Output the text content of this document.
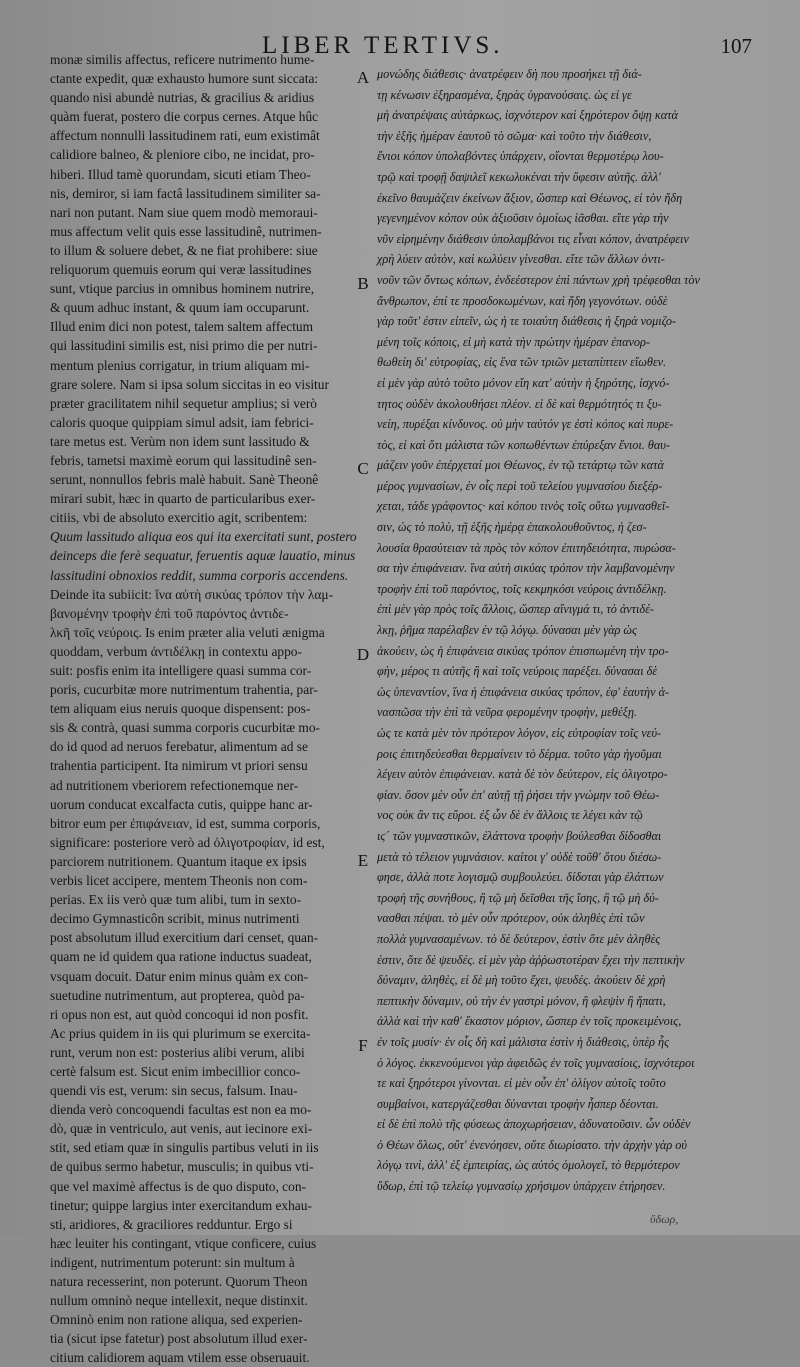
LIBER TERTIVS.	107
monæ similis affectus, reficere nutrimento hume-
ctante expedit, quæ exhausto humore sunt siccata:
quando nisi abundè nutrias, & gracilius & aridius
quàm fuerat, postero die corpus cernes. Atque hûc
affectum nonnulli lassitudinem rati, eum existimât
calidiore balneo, & pleniore cibo, ne incidat, pro-
hiberi. Illud tamè quorundam, sicuti etiam Theo-
nis, demiror, si iam factâ lassitudinem similiter sa-
nari non putant. Nam siue quem modò memoraui-
mus affectum velit quis esse lassitudinê, nutrimen-
to illum & soluere debet, & ne fiat prohibere: siue
reliquorum quemuis eorum qui veræ lassitudines
sunt, vtique parcius in omnibus hominem nutrire,
& quum adhuc instant, & quum iam occuparunt.
Illud enim dici non potest, talem saltem affectum
qui lassitudini similis est, nisi primo die per nutri-
mentum plenius corrigatur, in trium aliquam mi-
grare solere. Nam si ipsa solum siccitas in eo visitur
præter gracilitatem nihil sequetur amplius; si verò
caloris quoque quippiam simul adsit, iam febrici-
tare metus est. Verùm non idem sunt lassitudo &
febris, tametsi maximè eorum qui lassitudinê sen-
serunt, nonnullos febris malè habuit. Sanè Theonê
mirari subit, hæc in quarto de particularibus exer-
citiis, vbi de absoluto exercitio agit, scribentem:
Quum lassitudo aliqua eos qui ita exercitati sunt, postero
deinceps die ferè sequatur, feruentis aquæ lauatio, minus
lassitudini obnoxios reddit, summa corporis accendens.
Deinde ita subiicit: ἵνα αὐτὴ σικύας τρόπον τὴν λαμ-
βανομένην τροφὴν ἐπὶ τοῦ παρόντος ἀντιδε-
λκῆ τοῖς νεύροις. Is enim præter alia veluti ænigma
quoddam, verbum ἀντιδέλκῃ in contextu appo-
suit: posfis enim ita intelligere quasi summa cor-
poris, cucurbitæ more nutrimentum trahentia, par-
tem aliquam eius neruis quoque dispensent: pos-
sis & contrà, quasi summa corporis cucurbitæ mo-
do id quod ad neruos ferebatur, alimentum ad se
trahentia participent. Ita nimirum vt priori sensu
ad nutritionem vberiorem refectionemque ner-
uorum conducat excalfacta cutis, quippe hanc ar-
bitror eum per ἐπιφάνειαν, id est, summa corporis,
significare: posteriore verò ad ὀλιγοτροφίαν, id est,
parciorem nutritionem. Quantum itaque ex ipsis
verbis licet accipere, mentem Theonis non com-
perias. Ex iis verò quæ tum alibi, tum in sexto-
decimo Gymnasticôn scribit, minus nutrimenti
post absolutum illud exercitium dari censet, quan-
quam ne id quidem qua ratione inductus suadeat,
vsquam docuit. Datur enim minus quàm ex con-
suetudine nutrimentum, aut propterea, quòd pa-
ri opus non est, aut quòd concoqui id non posfit.
Ac prius quidem in iis qui plurimum se exercita-
runt, verum non est: posterius alibi verum, alibi
certè falsum est. Sicut enim imbecillior conco-
quendi vis est, verum: sin secus, falsum. Inau-
dienda verò concoquendi facultas est non ea mo-
dò, quæ in ventriculo, aut venis, aut iecinore exi-
stit, sed etiam quæ in singulis partibus veluti in iis
de quibus sermo habetur, musculis; in quibus vti-
que vel maximè affectus is de quo disputo, con-
tinetur; quippe largius inter exercitandum exhau-
sti, aridiores, & graciliores redduntur. Ergo si
hæc leuiter his contingant, vtique conficere, cuius
indigent, nutrimentum poterunt: sin multum à
natura recesserint, non poterunt. Quorum Theon
nullum omninò neque intellexit, neque distinxit.
Omninò enim non ratione aliqua, sed experien-
tia (sicut ipse fatetur) post absolutum illud exer-
citium calidiorem aquam vtilem esse obseruauit.
μονώδης διάθεσις· ἀνατρέφειν δὴ που προσήκει τῇ διά-
τῃ κένωσιν ἐξηρασμένα, ξηρὰς ὑγρανούσαις. ὡς εἰ γε
μὴ ἀνατρέψαις αὐτάρκως, ἰσχνότερον καὶ ξηρότερον ὄψῃ κατὰ
τὴν ἑξῆς ἡμέραν ἑαυτοῦ τὸ σῶμα· καὶ τοῦτο τὴν διάθεσιν,
ἔνιοι κόπον ὑπολαβόντες ὑπάρχειν, οἴονται θερμοτέρῳ λου-
τρῷ καὶ τροφῇ δαψιλεῖ κεκωλυκέναι τὴν ὕφεσιν αὐτῆς. ἀλλ'
ἐκεῖνο θαυμάζειν ἐκείνων ἄξιον, ὥσπερ καὶ Θέωνος, εἰ τὸν ἤδη
γεγενημένον κόπον οὐκ ἀξιοῦσιν ὁμοίως ἰᾶσθαι. εἴτε γὰρ τὴν
νῦν εἰρημένην διάθεσιν ὑπολαμβάνοι τις εἶναι κόπον, ἀνατρέφειν
χρὴ λύειν αὐτὸν, καὶ κωλύειν γίνεσθαι. εἴτε τῶν ἄλλων ὁντι-
νοῦν τῶν ὄντως κόπων, ἐνδεέστερον ἐπὶ πάντων χρὴ τρέφεσθαι τὸν
ἄνθρωπον, ἐπί τε προσδοκωμένων, καὶ ἤδη γεγονότων. οὐδὲ
γὰρ τοῦτ' ἐστιν εἰπεῖν, ὡς ἡ τε τοιαύτη διάθεσις ἡ ξηρὰ νομιζο-
μένη τοῖς κόποις, εἰ μὴ κατὰ τὴν πρώτην ἡμέραν ἐπανορ-
θωθείη δι' εὐτροφίας, εἰς ἕνα τῶν τριῶν μεταπίπτειν εἴωθεν.
εἰ μὲν γὰρ αὐτὸ τοῦτο μόνον εἴη κατ' αὐτὴν ἡ ξηρότης, ἰσχνό-
τητος οὐδὲν ἀκολουθήσει πλέον. εἰ δὲ καὶ θερμότητός τι ξυ-
νείη, πυρέξαι κίνδυνος. οὐ μὴν ταὐτόν γε ἐστὶ κόπος καὶ πυρε-
τὸς, εἰ καὶ ὅτι μάλιστα τῶν κοπωθέντων ἐπύρεξαν ἔνιοι. θαυ-
μάζειν γοῦν ἐπέρχεταί μοι Θέωνος, ἐν τῷ τετάρτῳ τῶν κατὰ
μέρος γυμνασίων, ἐν οἷς περὶ τοῦ τελείου γυμνασίου διεξέρ-
χεται, τάδε γράφοντος· καὶ κόπου τινὸς τοῖς οὕτω γυμνασθεῖ-
σιν, ὡς τὸ πολὺ, τῇ ἑξῆς ἡμέρᾳ ἐπακολουθοῦντος, ἡ ζεσ-
λουσία θρασύτειαν τὰ πρὸς τὸν κόπον ἐπιτηδειότητα, πυρώσα-
σα τὴν ἐπιφάνειαν. ἵνα αὐτὴ σικύας τρόπον τὴν λαμβανομένην
τροφὴν ἐπὶ τοῦ παρόντος, τοῖς κεκμηκόσι νεύροις ἀντιδέλκῃ.
ἐπὶ μὲν γὰρ πρὸς τοῖς ἄλλοις, ὥσπερ αἴνιγμά τι, τὸ ἀντιδέ-
λκῃ, ῥῆμα παρέλαβεν ἐν τῷ λόγῳ. δύνασαι μὲν γὰρ ὡς
ἀκούειν, ὡς ἡ ἐπιφάνεια σικύας τρόπον ἐπισπωμένη τὴν τρο-
φὴν, μέρος τι αὐτῆς ἢ καὶ τοῖς νεύροις παρέξει. δύνασαι δὲ
ὡς ὑπεναντίον, ἵνα ἡ ἐπιφάνεια σικύας τρόπον, ἐφ' ἑαυτὴν ἀ-
νασπῶσα τὴν ἐπὶ τὰ νεῦρα φερομένην τροφὴν, μεθέξῃ.
ὡς τε κατὰ μὲν τὸν πρότερον λόγον, εἰς εὐτροφίαν τοῖς νεύ-
ροις ἐπιτηδεύεσθαι θερμαίνειν τὸ δέρμα. τοῦτο γὰρ ἡγοῦμαι
λέγειν αὐτὸν ἐπιφάνειαν. κατὰ δὲ τὸν δεύτερον, εἰς ὀλιγοτρο-
φίαν. ὅσον μὲν οὖν ἐπ' αὐτῇ τῇ ῥήσει τὴν γνώμην τοῦ Θέω-
νος οὐκ ἂν τις εὕροι. ἐξ ὧν δὲ ἐν ἄλλοις τε λέγει κἀν τῷ
ιϛ΄ τῶν γυμναστικῶν, ἐλάττονα τροφὴν βούλεσθαι δίδοσθαι
μετὰ τὸ τέλειον γυμνάσιον. καίτοι γ' οὐδὲ τοῦθ' ὅτου διέσω-
φησε, ἀλλὰ ποτε λογισμῷ συμβουλεύει. δίδοται γὰρ ἐλάττων
τροφὴ τῆς συνήθους, ἢ τῷ μὴ δεῖσθαι τῆς ἴσης, ἢ τῷ μὴ δύ-
νασθαι πέψαι. τὸ μὲν οὖν πρότερον, οὐκ ἀληθὲς ἐπὶ τῶν
πολλὰ γυμνασαμένων. τὸ δὲ δεύτερον, ἐστὶν ὅτε μὲν ἀληθὲς
ἐστιν, ὅτε δὲ ψευδές. εἰ μὲν γὰρ ἀῤῥωστοτέραν ἔχει τὴν πεπτικὴν
δύναμιν, ἀληθὲς, εἰ δὲ μὴ τοῦτο ἔχει, ψευδές. ἀκούειν δὲ χρὴ
πεπτικὴν δύναμιν, οὐ τὴν ἐν γαστρὶ μόνον, ἢ φλεψὶν ἢ ἥπατι,
ἀλλὰ καὶ τὴν καθ' ἕκαστον μόριον, ὥσπερ ἐν τοῖς προκειμένοις,
ἐν τοῖς μυσίν· ἐν οἷς δὴ καὶ μάλιστα ἐστὶν ἡ διάθεσις, ὑπὲρ ἧς
ὁ λόγος. ἐκκενούμενοι γὰρ ἀφειδῶς ἐν τοῖς γυμνασίοις, ἰσχνότεροι
τε καὶ ξηρότεροι γίνονται. εἰ μὲν οὖν ἐπ' ὀλίγον αὐτοῖς τοῦτο
συμβαίνοι, κατεργάζεσθαι δύνανται τροφὴν ἧσπερ δέονται.
εἰ δὲ ἐπὶ πολὺ τῆς φύσεως ἀποχωρήσειαν, ἀδυνατοῦσιν. ὧν οὐδὲν
ὁ Θέων ὅλως, οὔτ' ἐνενόησεν, οὔτε διωρίσατο. τὴν ἀρχὴν γὰρ οὐ
λόγῳ τινὶ, ἀλλ' ἐξ ἐμπειρίας, ὡς αὐτός ὁμολογεῖ, τὸ θερμότερον
ὕδωρ, ἐπὶ τῷ τελείῳ γυμνασίῳ χρήσιμον ὑπάρχειν ἐτήρησεν.
A
B
C
D
E
F
ὕδωρ,
